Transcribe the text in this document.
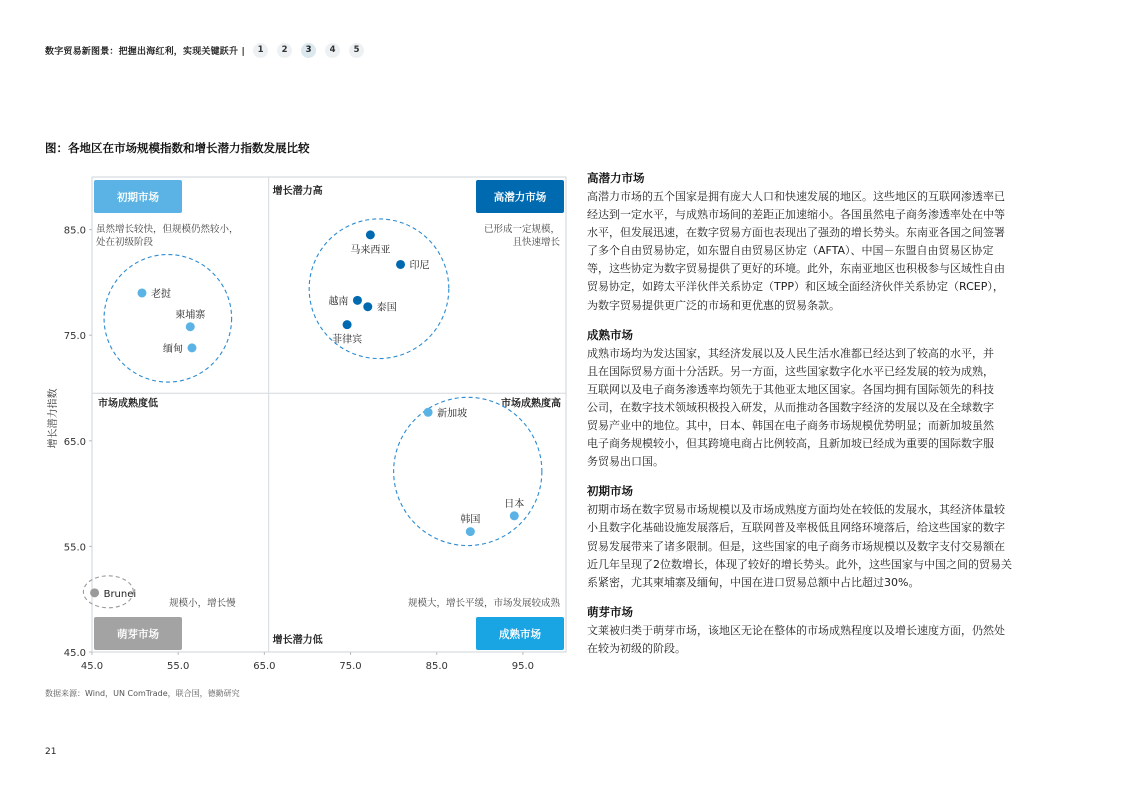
数字贸易新图景：把握出海红利，实现关键跃升 |	1	2	3	4	5
图：各地区在市场规模指数和增长潜力指数发展比较
45.0
55.0
65.0
75.0
85.0
45.0	55.0	65.0	75.0	85.0	95.0
增长潜力指数
初期市场	高潜力市场
萌芽市场	成熟市场
增长潜力高
增长潜力低
市场成熟度低	市场成熟度高
虽然增长较快，但规模仍然较小，
处在初级阶段
已形成一定规模，
且快速增长
规模小，增长慢	规模大，增长平缓，市场发展较成熟
老挝
柬埔寨
缅甸
马来西亚
印尼
越南
泰国
菲律宾
新加坡
日本
韩国
Brunei
数据来源：Wind，UN ComTrade，联合国，德勤研究
21
高潜力市场

高潜力市场的五个国家是拥有庞大人口和快速发展的地区。这些地区的互联网渗透率已
经达到一定水平，与成熟市场间的差距正加速缩小。各国虽然电子商务渗透率处在中等
水平，但发展迅速，在数字贸易方面也表现出了强劲的增长势头。东南亚各国之间签署
了多个自由贸易协定，如东盟自由贸易区协定（AFTA）、中国－东盟自由贸易区协定
等，这些协定为数字贸易提供了更好的环境。此外，东南亚地区也积极参与区域性自由
贸易协定，如跨太平洋伙伴关系协定（TPP）和区域全面经济伙伴关系协定（RCEP），
为数字贸易提供更广泛的市场和更优惠的贸易条款。

成熟市场

成熟市场均为发达国家，其经济发展以及人民生活水准都已经达到了较高的水平，并
且在国际贸易方面十分活跃。另一方面，这些国家数字化水平已经发展的较为成熟，
互联网以及电子商务渗透率均领先于其他亚太地区国家。各国均拥有国际领先的科技
公司，在数字技术领域积极投入研发，从而推动各国数字经济的发展以及在全球数字
贸易产业中的地位。其中，日本、韩国在电子商务市场规模优势明显；而新加坡虽然
电子商务规模较小，但其跨境电商占比例较高，且新加坡已经成为重要的国际数字服
务贸易出口国。

初期市场

初期市场在数字贸易市场规模以及市场成熟度方面均处在较低的发展水，其经济体量较
小且数字化基础设施发展落后，互联网普及率极低且网络环境落后，给这些国家的数字
贸易发展带来了诸多限制。但是，这些国家的电子商务市场规模以及数字支付交易额在
近几年呈现了2位数增长，体现了较好的增长势头。此外，这些国家与中国之间的贸易关
系紧密，尤其柬埔寨及缅甸，中国在进口贸易总额中占比超过30%。

萌芽市场

文莱被归类于萌芽市场，该地区无论在整体的市场成熟程度以及增长速度方面，仍然处
在较为初级的阶段。
